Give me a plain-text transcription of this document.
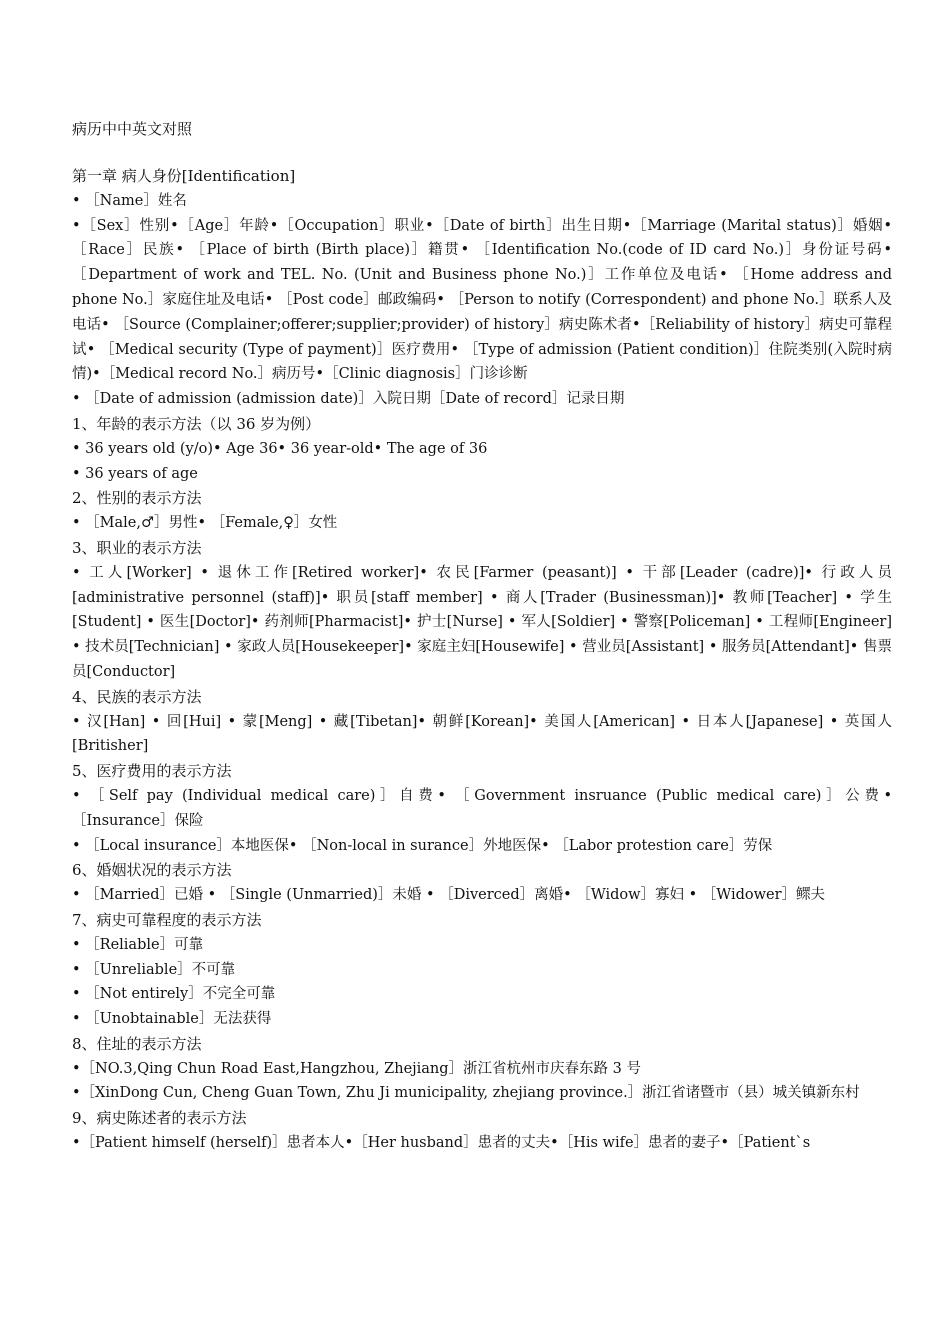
病历中中英文对照
第一章 病人身份[Identification]
• ［Name］姓名
•［Sex］性别•［Age］年龄•［Occupation］职业•［Date of birth］出生日期•［Marriage (Marital status)］婚姻• ［Race］民族• ［Place of birth (Birth place)］籍贯• ［Identification No.(code of ID card No.)］身份证号码• ［Department of work and TEL. No. (Unit and Business phone No.)］工作单位及电话• ［Home address and phone No.］家庭住址及电话• ［Post code］邮政编码• ［Person to notify (Correspondent) and phone No.］联系人及电话• ［Source (Complainer;offerer;supplier;provider) of history］病史陈术者•［Reliability of history］病史可靠程试• ［Medical security (Type of payment)］医疗费用• ［Type of admission (Patient condition)］住院类别(入院时病情)•［Medical record No.］病历号•［Clinic diagnosis］门诊诊断
• ［Date of admission (admission date)］入院日期［Date of record］记录日期
1、年龄的表示方法（以 36 岁为例）
• 36 years old (y/o)• Age 36• 36 year-old• The age of 36
• 36 years of age
2、性别的表示方法
• ［Male,♂］男性• ［Female,♀］女性
3、职业的表示方法
• 工人[Worker] • 退休工作[Retired worker]• 农民[Farmer (peasant)] • 干部[Leader (cadre)]• 行政人员[administrative personnel (staff)]• 职员[staff member] • 商人[Trader (Businessman)]• 教师[Teacher] • 学生[Student] • 医生[Doctor]• 药剂师[Pharmacist]• 护士[Nurse] • 军人[Soldier] • 警察[Policeman] • 工程师[Engineer] • 技术员[Technician] • 家政人员[Housekeeper]• 家庭主妇[Housewife] • 营业员[Assistant] • 服务员[Attendant]• 售票员[Conductor]
4、民族的表示方法
• 汉[Han] • 回[Hui] • 蒙[Meng] • 藏[Tibetan]• 朝鲜[Korean]• 美国人[American] • 日本人[Japanese] • 英国人[Britisher]
5、医疗费用的表示方法
• ［Self pay (Individual medical care)］自费• ［Government insruance (Public medical care)］公费• ［Insurance］保险
• ［Local insurance］本地医保• ［Non-local in surance］外地医保• ［Labor protestion care］劳保
6、婚姻状况的表示方法
• ［Married］已婚 • ［Single (Unmarried)］未婚 • ［Diverced］离婚• ［Widow］寡妇 • ［Widower］鳏夫
7、病史可靠程度的表示方法
• ［Reliable］可靠
• ［Unreliable］不可靠
• ［Not entirely］不完全可靠
• ［Unobtainable］无法获得
8、住址的表示方法
•［NO.3,Qing Chun Road East,Hangzhou, Zhejiang］浙江省杭州市庆春东路 3 号
•［XinDong Cun, Cheng Guan Town, Zhu Ji municipality, zhejiang province.］浙江省诸暨市（县）城关镇新东村
9、病史陈述者的表示方法
•［Patient himself (herself)］患者本人•［Her husband］患者的丈夫•［His wife］患者的妻子•［Patient`s
